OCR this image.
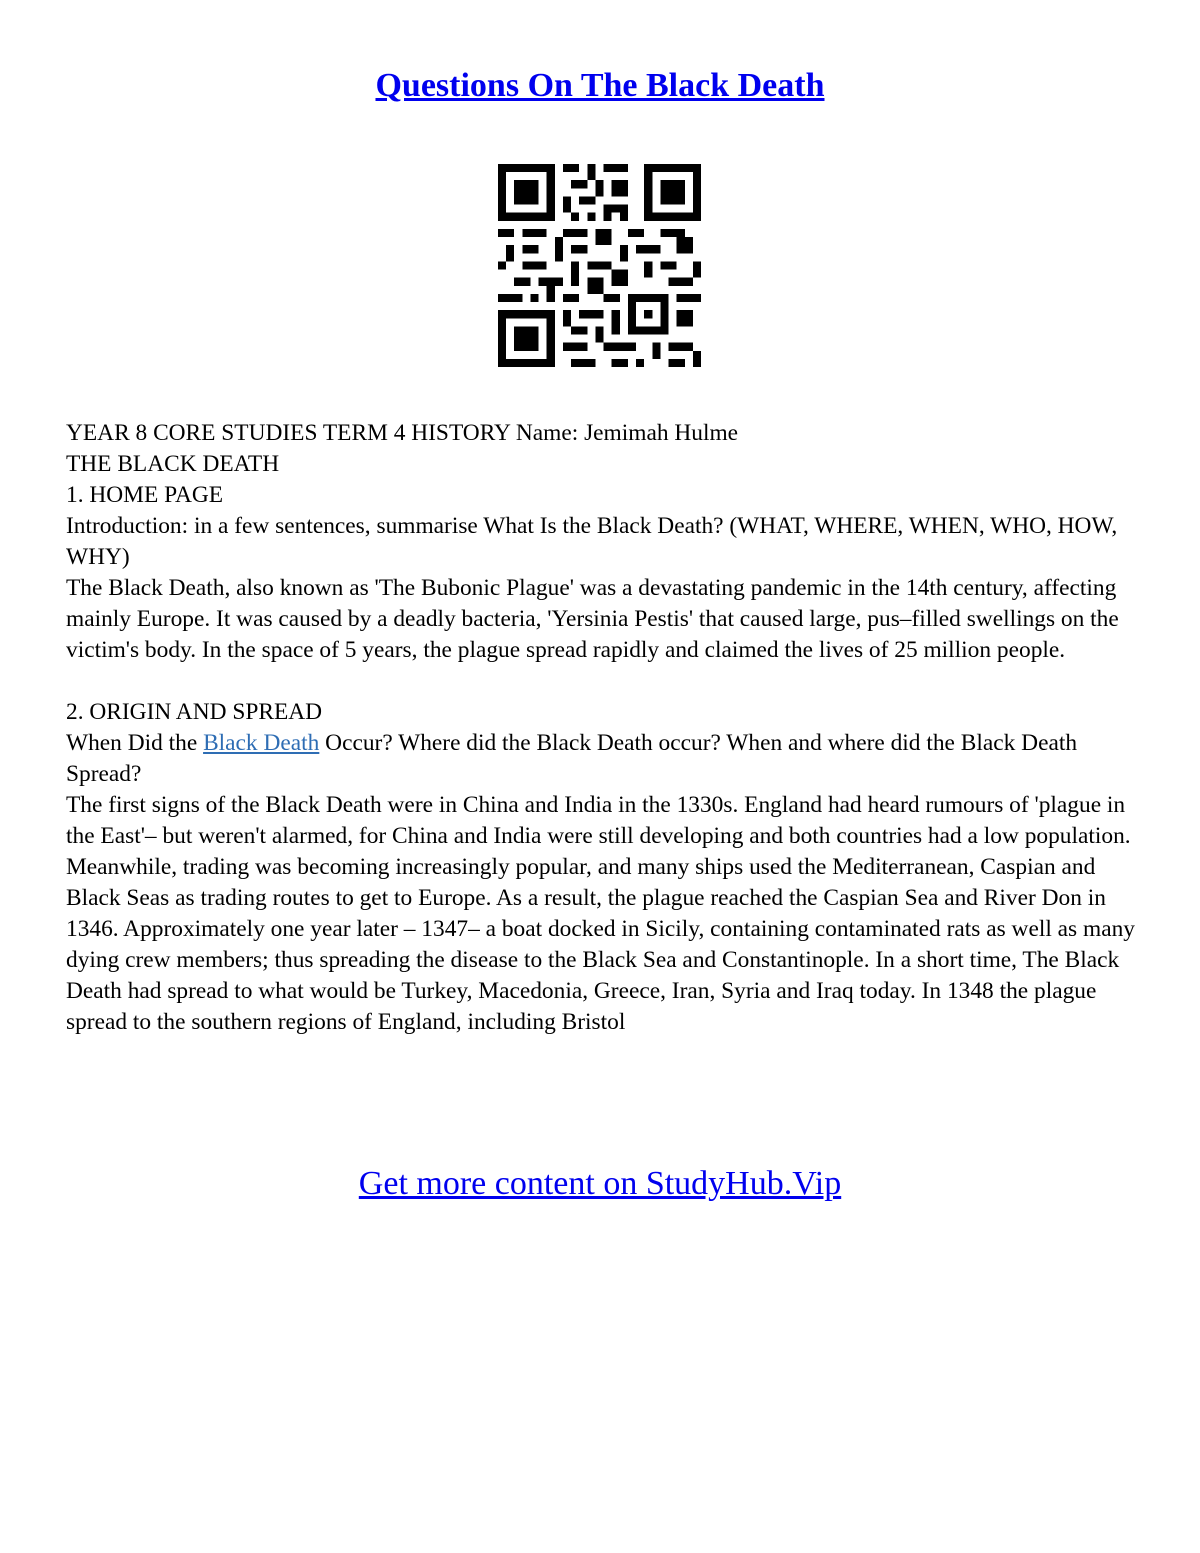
Questions On The Black Death

YEAR 8 CORE STUDIES TERM 4 HISTORY Name: Jemimah Hulme

THE BLACK DEATH

1. HOME PAGE

Introduction: in a few sentences, summarise What Is the Black Death? (WHAT, WHERE, WHEN, WHO, HOW, WHY)

The Black Death, also known as 'The Bubonic Plague' was a devastating pandemic in the 14th century, affecting mainly Europe. It was caused by a deadly bacteria, 'Yersinia Pestis' that caused large, pus–filled swellings on the victim's body. In the space of 5 years, the plague spread rapidly and claimed the lives of 25 million people.

2. ORIGIN AND SPREAD

When Did the Black Death Occur? Where did the Black Death occur? When and where did the Black Death Spread?

The first signs of the Black Death were in China and India in the 1330s. England had heard rumours of 'plague in the East'– but weren't alarmed, for China and India were still developing and both countries had a low population.

Meanwhile, trading was becoming increasingly popular, and many ships used the Mediterranean, Caspian and Black Seas as trading routes to get to Europe. As a result, the plague reached the Caspian Sea and River Don in 1346. Approximately one year later – 1347– a boat docked in Sicily, containing contaminated rats as well as many dying crew members; thus spreading the disease to the Black Sea and Constantinople. In a short time, The Black Death had spread to what would be Turkey, Macedonia, Greece, Iran, Syria and Iraq today. In 1348 the plague spread to the southern regions of England, including Bristol

Get more content on StudyHub.Vip
